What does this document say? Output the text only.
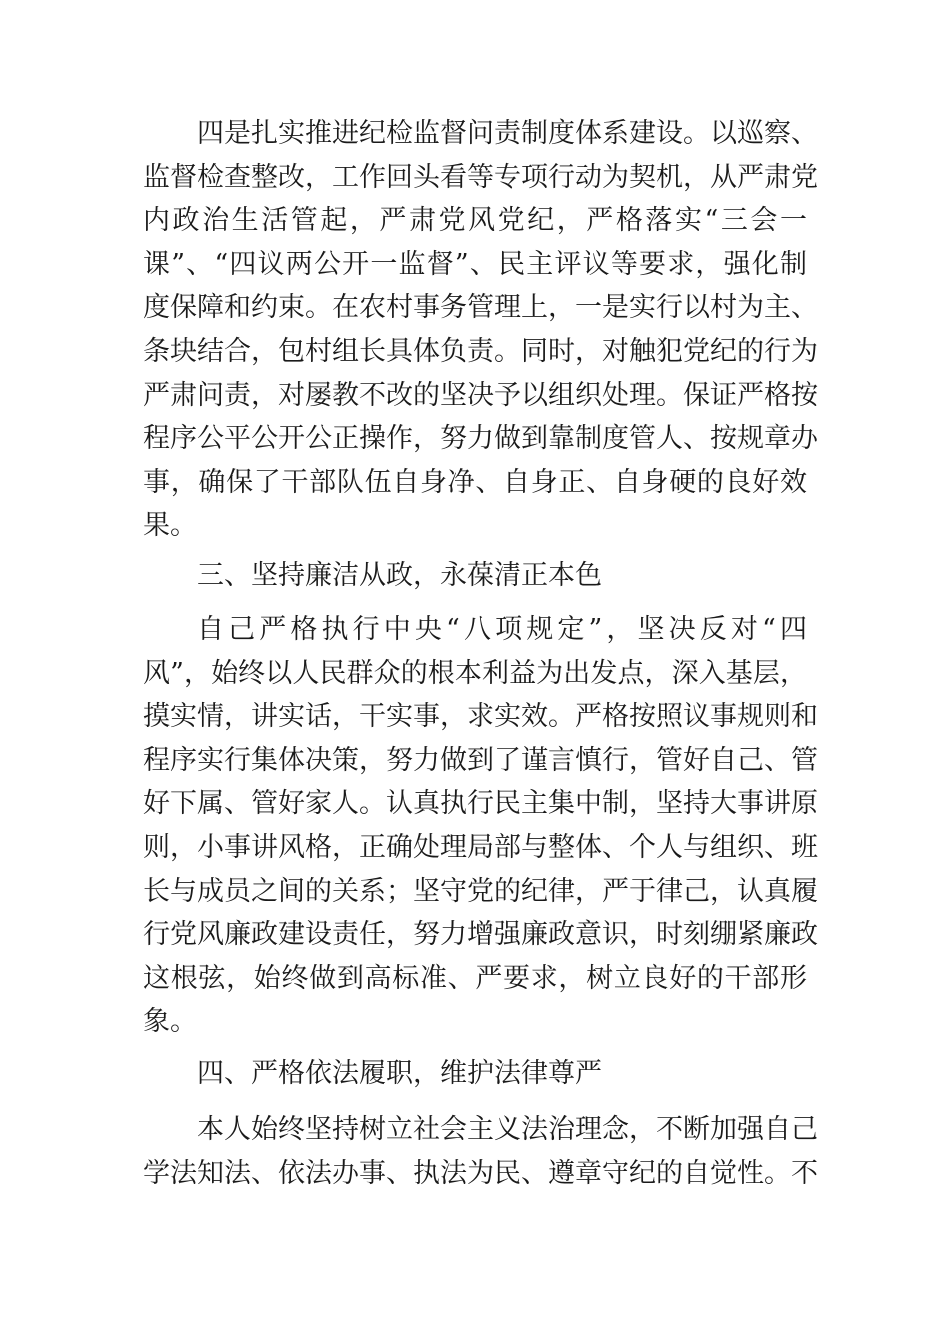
四是扎实推进纪检监督问责制度体系建设。以巡察、
监督检查整改，工作回头看等专项行动为契机，从严肃党
内政治生活管起，严肃党风党纪，严格落实“三会一
课”、“四议两公开一监督”、民主评议等要求，强化制
度保障和约束。在农村事务管理上，一是实行以村为主、
条块结合，包村组长具体负责。同时，对触犯党纪的行为
严肃问责，对屡教不改的坚决予以组织处理。保证严格按
程序公平公开公正操作，努力做到靠制度管人、按规章办
事，确保了干部队伍自身净、自身正、自身硬的良好效
果。
三、坚持廉洁从政，永葆清正本色
自己严格执行中央“八项规定”，坚决反对“四
风”，始终以人民群众的根本利益为出发点，深入基层，
摸实情，讲实话，干实事，求实效。严格按照议事规则和
程序实行集体决策，努力做到了谨言慎行，管好自己、管
好下属、管好家人。认真执行民主集中制，坚持大事讲原
则，小事讲风格，正确处理局部与整体、个人与组织、班
长与成员之间的关系；坚守党的纪律，严于律己，认真履
行党风廉政建设责任，努力增强廉政意识，时刻绷紧廉政
这根弦，始终做到高标准、严要求，树立良好的干部形
象。
四、严格依法履职，维护法律尊严
本人始终坚持树立社会主义法治理念，不断加强自己
学法知法、依法办事、执法为民、遵章守纪的自觉性。不
